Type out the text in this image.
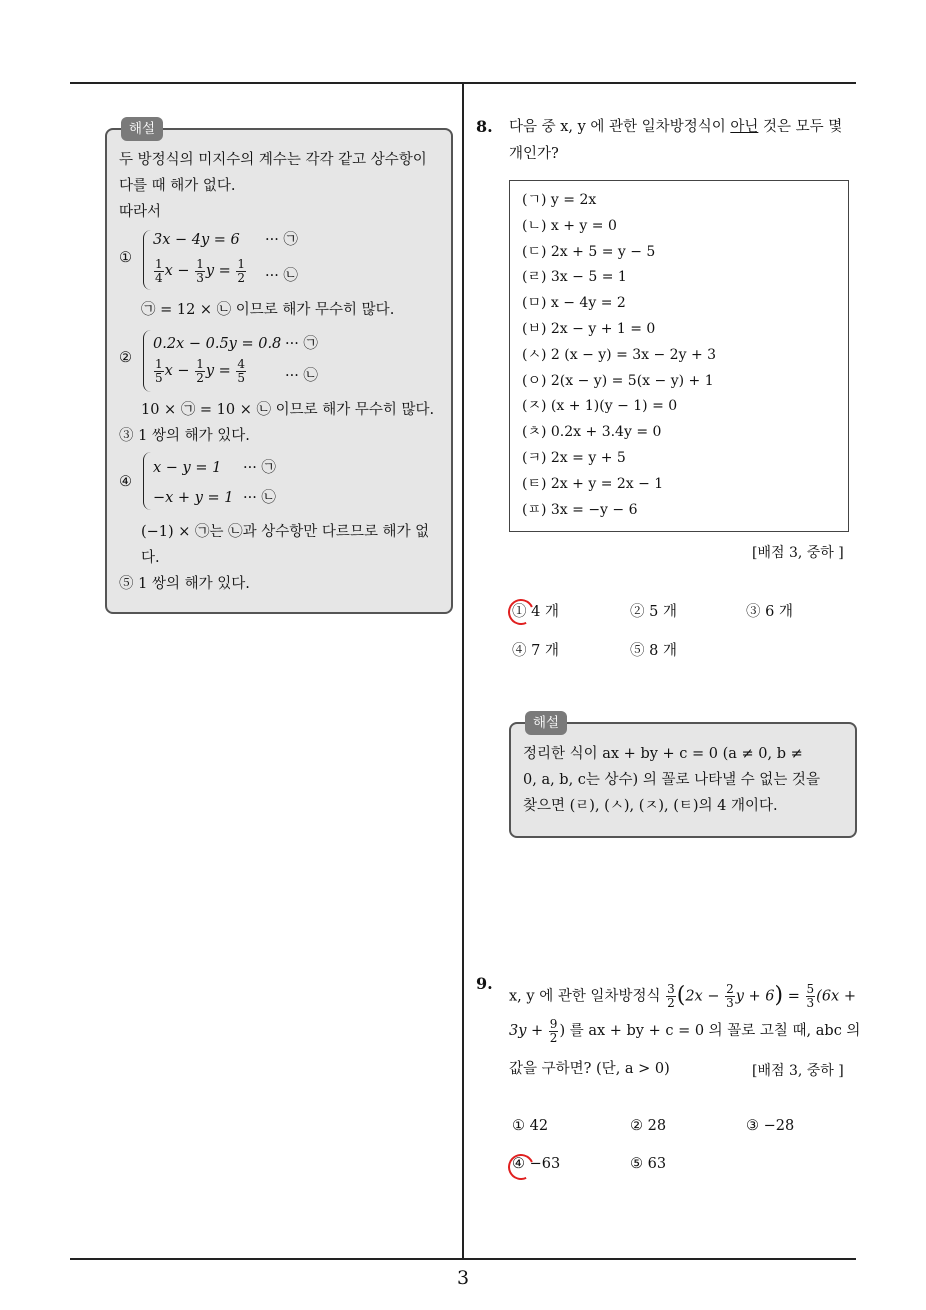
3
해설
두 방정식의 미지수의 계수는 각각 같고 상수항이
다를 때 해가 없다.
따라서
①
3x − 4y = 6 ··· ㉠
$\frac{1}{4}$ $x - \frac{1}{3}$ $y = \frac{1}{2}$ ··· ㉡
㉠ = 12 × ㉡ 이므로 해가 무수히 많다.
②
0.2x − 0.5y = 0.8 ··· ㉠
$\frac{1}{5}$ $x - \frac{1}{2}$ $y = \frac{4}{5}$	··· ㉡
10 × ㉠ = 10 × ㉡ 이므로 해가 무수히 많다.
③ 1 쌍의 해가 있다.
④
x − y = 1 ··· ㉠
−x + y = 1 ··· ㉡
(−1) × ㉠는 ㉡과 상수항만 다르므로 해가 없
다.
⑤ 1 쌍의 해가 있다.
8. 다음 중 x, y 에 관한 일차방정식이 아닌 것은 모두 몇
개인가?
(ㄱ) y = 2x
(ㄴ) x + y = 0
(ㄷ) 2x + 5 = y − 5
(ㄹ) 3x − 5 = 1
(ㅁ) x − 4y = 2
(ㅂ) 2x − y + 1 = 0
(ㅅ) 2 (x − y) = 3x − 2y + 3
(ㅇ) 2(x − y) = 5(x − y) + 1
(ㅈ) (x + 1)(y − 1) = 0
(ㅊ) 0.2x + 3.4y = 0
(ㅋ) 2x = y + 5
(ㅌ) 2x + y = 2x − 1
(ㅍ) 3x = −y − 6
[배점 3, 중하 ]
① 4 개	② 5 개	③ 6 개
④ 7 개	⑤ 8 개
해설
정리한 식이 ax + by + c = 0 (a ≠ 0, b ≠
0, a, b, c는 상수) 의 꼴로 나타낼 수 없는 것을
찾으면 (ㄹ), (ㅅ), (ㅈ), (ㅌ)의 4 개이다.
9.
x, y 에 관한 일차방정식 $\frac{3}{2} (2x - \frac{2}{3}$ $y + 6) = \frac{5}{3} (6x$ +
$3y + \frac{9}{2}$ ) 를 ax + by + c = 0 의 꼴로 고칠 때, abc 의
값을 구하면? (단, a > 0)	[배점 3, 중하 ]
① 42	② 28	③ −28
④ −63	⑤ 63
